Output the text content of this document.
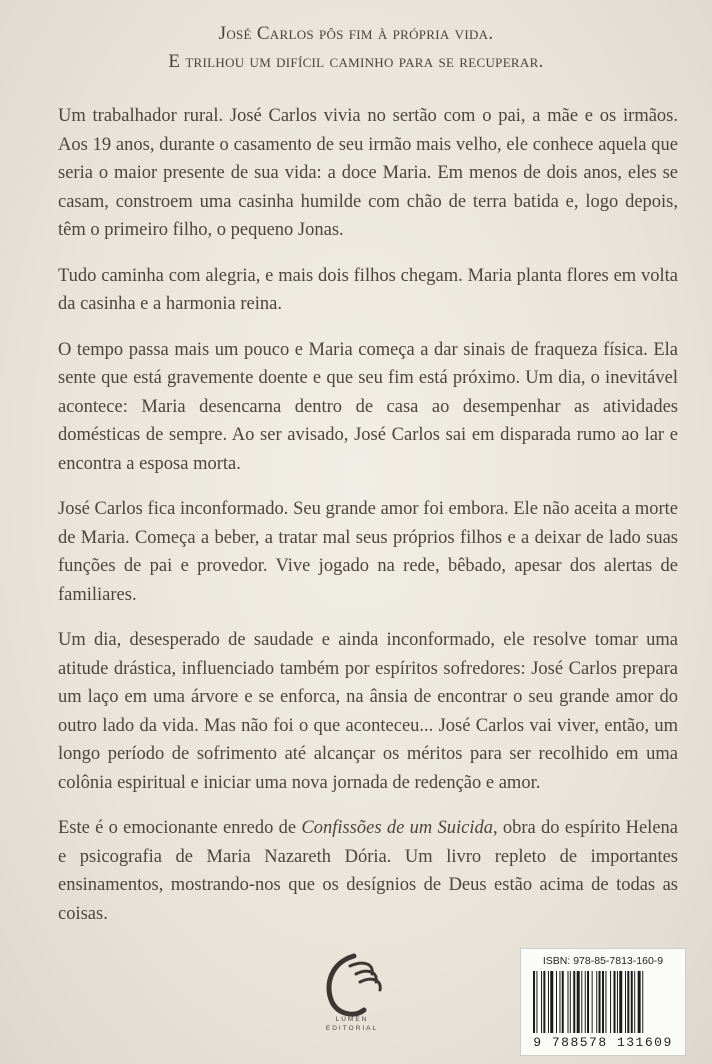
José Carlos pôs fim à própria vida.
E trilhou um difícil caminho para se recuperar.

Um trabalhador rural. José Carlos vivia no sertão com o pai, a mãe e os irmãos. Aos 19 anos, durante o casamento de seu irmão mais velho, ele conhece aquela que seria o maior presente de sua vida: a doce Maria. Em menos de dois anos, eles se casam, constroem uma casinha humilde com chão de terra batida e, logo depois, têm o primeiro filho, o pequeno Jonas.

Tudo caminha com alegria, e mais dois filhos chegam. Maria planta flores em volta da casinha e a harmonia reina.

O tempo passa mais um pouco e Maria começa a dar sinais de fraqueza física. Ela sente que está gravemente doente e que seu fim está próximo. Um dia, o inevitável acontece: Maria desencarna dentro de casa ao desempenhar as atividades domésticas de sempre. Ao ser avisado, José Carlos sai em disparada rumo ao lar e encontra a esposa morta.

José Carlos fica inconformado. Seu grande amor foi embora. Ele não aceita a morte de Maria. Começa a beber, a tratar mal seus próprios filhos e a deixar de lado suas funções de pai e provedor. Vive jogado na rede, bêbado, apesar dos alertas de familiares.

Um dia, desesperado de saudade e ainda inconformado, ele resolve tomar uma atitude drástica, influenciado também por espíritos sofredores: José Carlos prepara um laço em uma árvore e se enforca, na ânsia de encontrar o seu grande amor do outro lado da vida. Mas não foi o que aconteceu... José Carlos vai viver, então, um longo período de sofrimento até alcançar os méritos para ser recolhido em uma colônia espiritual e iniciar uma nova jornada de redenção e amor.

Este é o emocionante enredo de Confissões de um Suicida, obra do espírito Helena e psicografia de Maria Nazareth Dória. Um livro repleto de importantes ensinamentos, mostrando-nos que os desígnios de Deus estão acima de todas as coisas.

LUMEN
EDITORIAL
ISBN: 978-85-7813-160-9
9 788578 131609
